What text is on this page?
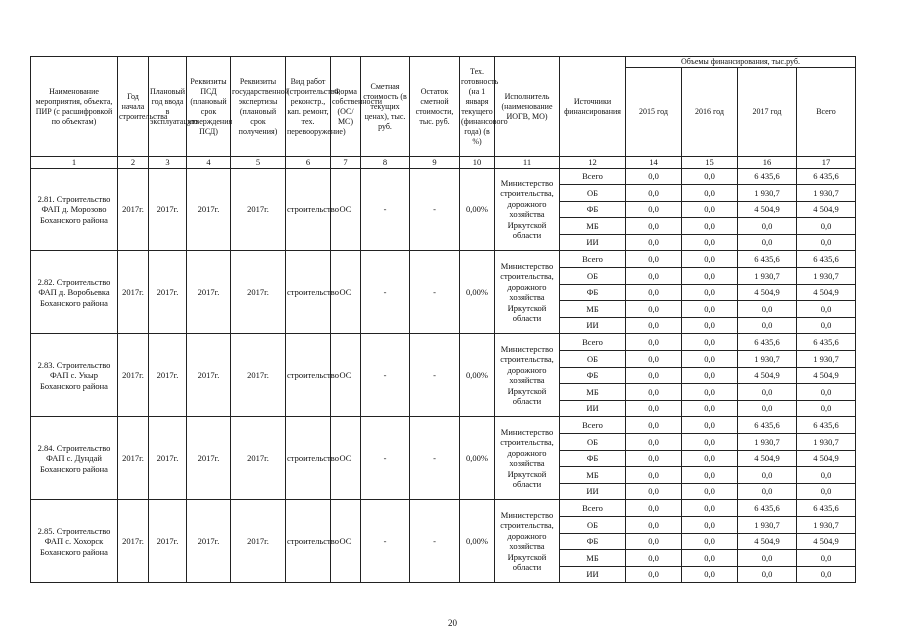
Наименование мероприятия, объекта, ПИР (с расшифровкой по объектам)	Год начала строительства	Плановый год ввода в эксплуатацию	Реквизиты ПСД (плановый срок утверждения ПСД)	Реквизиты государственной экспертизы (плановый срок получения)	Вид работ (строительство, реконстр., кап. ремонт, тех. перевооружение)	Форма собственности (ОС/МС)	Сметная стоимость (в текущих ценах), тыс. руб.	Остаток сметной стоимости, тыс. руб.	Тех. готовность (на 1 января текущего (финансового года) (в %)	Исполнитель (наименование ИОГВ, МО)	Источники финансирования	Объемы финансирования, тыс.руб.			
												2015 год	2016 год	2017 год	Всего
1	2	3	4	5	6	7	8	9	10	11	12	14	15	16	17
2.81. Строительство ФАП д. Морозово Боханского района	2017г.	2017г.	2017г.	2017г.	строительство	ОС	-	-	0,00%	Министерство строительства, дорожного хозяйства Иркутской области	Всего	0,0	0,0	6 435,6	6 435,6
											ОБ	0,0	0,0	1 930,7	1 930,7
											ФБ	0,0	0,0	4 504,9	4 504,9
											МБ	0,0	0,0	0,0	0,0
											ИИ	0,0	0,0	0,0	0,0
2.82. Строительство ФАП д. Воробьевка Боханского района	2017г.	2017г.	2017г.	2017г.	строительство	ОС	-	-	0,00%	Министерство строительства, дорожного хозяйства Иркутской области	Всего	0,0	0,0	6 435,6	6 435,6
											ОБ	0,0	0,0	1 930,7	1 930,7
											ФБ	0,0	0,0	4 504,9	4 504,9
											МБ	0,0	0,0	0,0	0,0
											ИИ	0,0	0,0	0,0	0,0
2.83. Строительство ФАП с. Укыр Боханского района	2017г.	2017г.	2017г.	2017г.	строительство	ОС	-	-	0,00%	Министерство строительства, дорожного хозяйства Иркутской области	Всего	0,0	0,0	6 435,6	6 435,6
											ОБ	0,0	0,0	1 930,7	1 930,7
											ФБ	0,0	0,0	4 504,9	4 504,9
											МБ	0,0	0,0	0,0	0,0
											ИИ	0,0	0,0	0,0	0,0
2.84. Строительство ФАП с. Дундай Боханского района	2017г.	2017г.	2017г.	2017г.	строительство	ОС	-	-	0,00%	Министерство строительства, дорожного хозяйства Иркутской области	Всего	0,0	0,0	6 435,6	6 435,6
											ОБ	0,0	0,0	1 930,7	1 930,7
											ФБ	0,0	0,0	4 504,9	4 504,9
											МБ	0,0	0,0	0,0	0,0
											ИИ	0,0	0,0	0,0	0,0
2.85. Строительство ФАП с. Хохорск Боханского района	2017г.	2017г.	2017г.	2017г.	строительство	ОС	-	-	0,00%	Министерство строительства, дорожного хозяйства Иркутской области	Всего	0,0	0,0	6 435,6	6 435,6
											ОБ	0,0	0,0	1 930,7	1 930,7
											ФБ	0,0	0,0	4 504,9	4 504,9
											МБ	0,0	0,0	0,0	0,0
											ИИ	0,0	0,0	0,0	0,0
20
